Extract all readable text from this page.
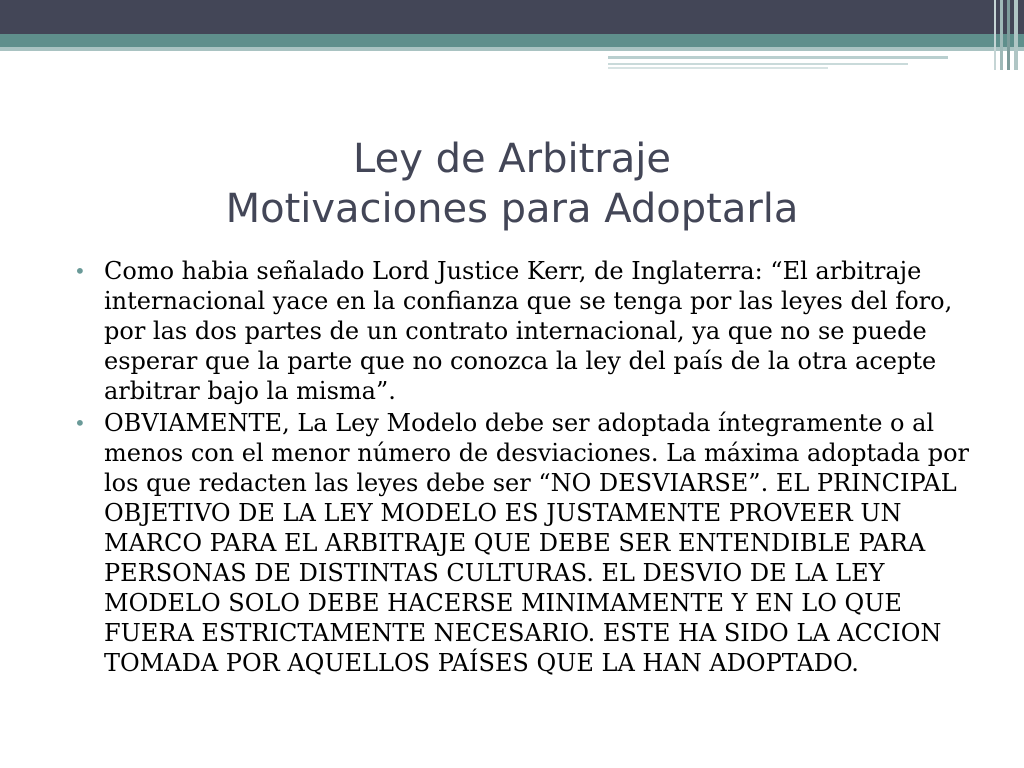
Ley de Arbitraje
Motivaciones para Adoptarla
• Como habia señalado Lord Justice Kerr, de Inglaterra: “El arbitraje internacional yace en la confianza que se tenga por las leyes del foro, por las dos partes de un contrato internacional, ya que no se puede esperar que la parte que no conozca la ley del país de la otra acepte arbitrar bajo la misma”.
• OBVIAMENTE, La Ley Modelo debe ser adoptada íntegramente o al menos con el menor número de desviaciones. La máxima adoptada por los que redacten las leyes debe ser “NO DESVIARSE”. EL PRINCIPAL OBJETIVO DE LA LEY MODELO ES JUSTAMENTE PROVEER UN MARCO PARA EL ARBITRAJE QUE DEBE SER ENTENDIBLE PARA PERSONAS DE DISTINTAS CULTURAS. EL DESVIO DE LA LEY MODELO SOLO DEBE HACERSE MINIMAMENTE Y EN LO QUE FUERA ESTRICTAMENTE NECESARIO. ESTE HA SIDO LA ACCION TOMADA POR AQUELLOS PAÍSES QUE LA HAN ADOPTADO.
